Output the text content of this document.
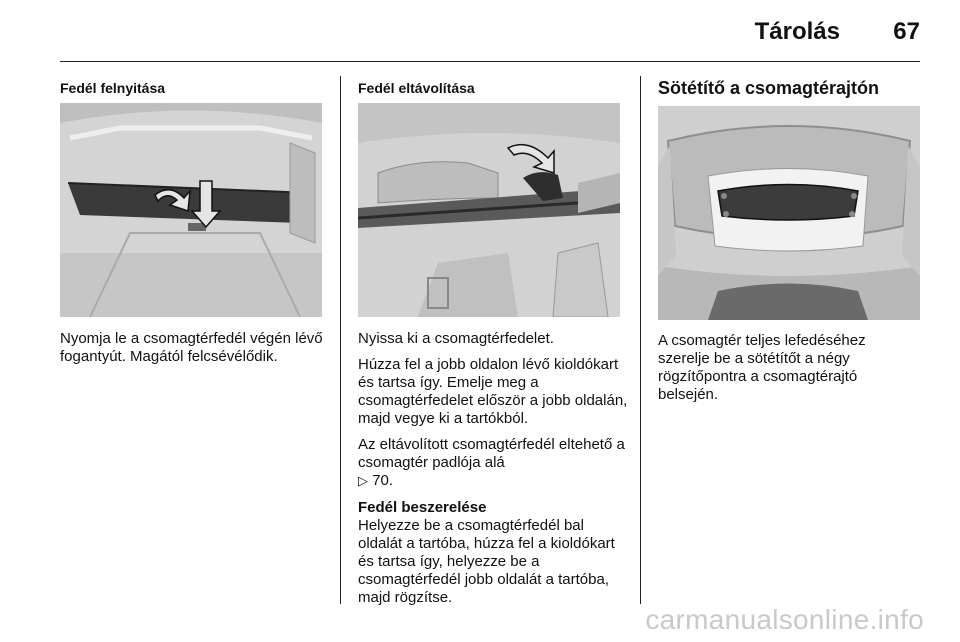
Tárolás 67
Fedél felnyitása
Nyomja le a csomagtérfedél végén lévő fogantyút. Magától felcsévélődik.
Fedél eltávolítása

Nyissa ki a csomagtérfedelet.

Húzza fel a jobb oldalon lévő kioldókart és tartsa így. Emelje meg a csomagtérfedelet először a jobb oldalán, majd vegye ki a tartókból.

Az eltávolított csomagtérfedél eltehető a csomagtér padlója alá
▷ 70.

Fedél beszerelése

Helyezze be a csomagtérfedél bal oldalát a tartóba, húzza fel a kioldókart és tartsa így, helyezze be a csomagtérfedél jobb oldalát a tartóba, majd rögzítse.

Sötétítő a csomagtérajtón
A csomagtér teljes lefedéséhez szerelje be a sötétítőt a négy rögzítőpontra a csomagtérajtó belsején.
carmanualsonline.info
